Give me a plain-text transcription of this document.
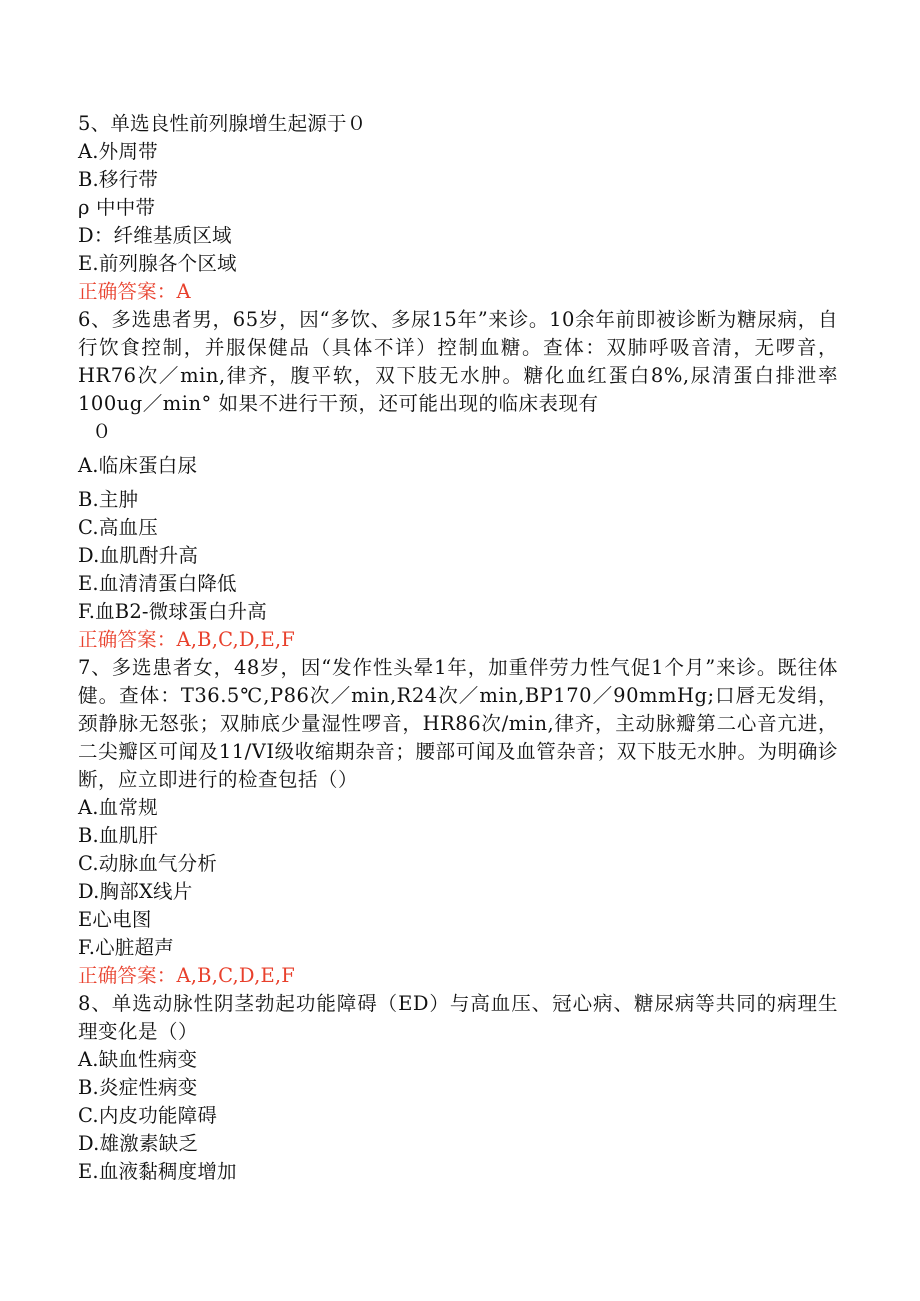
5、单选良性前列腺增生起源于０
A.外周带
B.移行带
ρ 中中带
D：纤维基质区域
E.前列腺各个区域
正确答案：A
6、多选患者男，65岁，因“多饮、多尿15年”来诊。10余年前即被诊断为糖尿病，自行饮食控制，并服保健品（具体不详）控制血糖。查体：双肺呼吸音清，无啰音，HR76次／min,律齐，腹平软，双下肢无水肿。糖化血红蛋白8%,尿清蛋白排泄率100ug／min° 如果不进行干预，还可能出现的临床表现有
０
A.临床蛋白尿
B.主肿
C.高血压
D.血肌酎升高
E.血清清蛋白降低
F.血B2-微球蛋白升高
正确答案：A,B,C,D,E,F
7、多选患者女，48岁，因“发作性头晕1年，加重伴劳力性气促1个月”来诊。既往体健。查体：T36.5℃,P86次／min,R24次／min,BP170／90mmHg;口唇无发绢，颈静脉无怒张；双肺底少量湿性啰音，HR86次/min,律齐，主动脉瓣第二心音亢进，二尖瓣区可闻及11/VI级收缩期杂音；腰部可闻及血管杂音；双下肢无水肿。为明确诊断，应立即进行的检查包括（）
A.血常规
B.血肌肝
C.动脉血气分析
D.胸部X线片
E心电图
F.心脏超声
正确答案：A,B,C,D,E,F
8、单选动脉性阴茎勃起功能障碍（ED）与高血压、冠心病、糖尿病等共同的病理生理变化是（）
A.缺血性病变
B.炎症性病变
C.内皮功能障碍
D.雄激素缺乏
E.血液黏稠度增加
